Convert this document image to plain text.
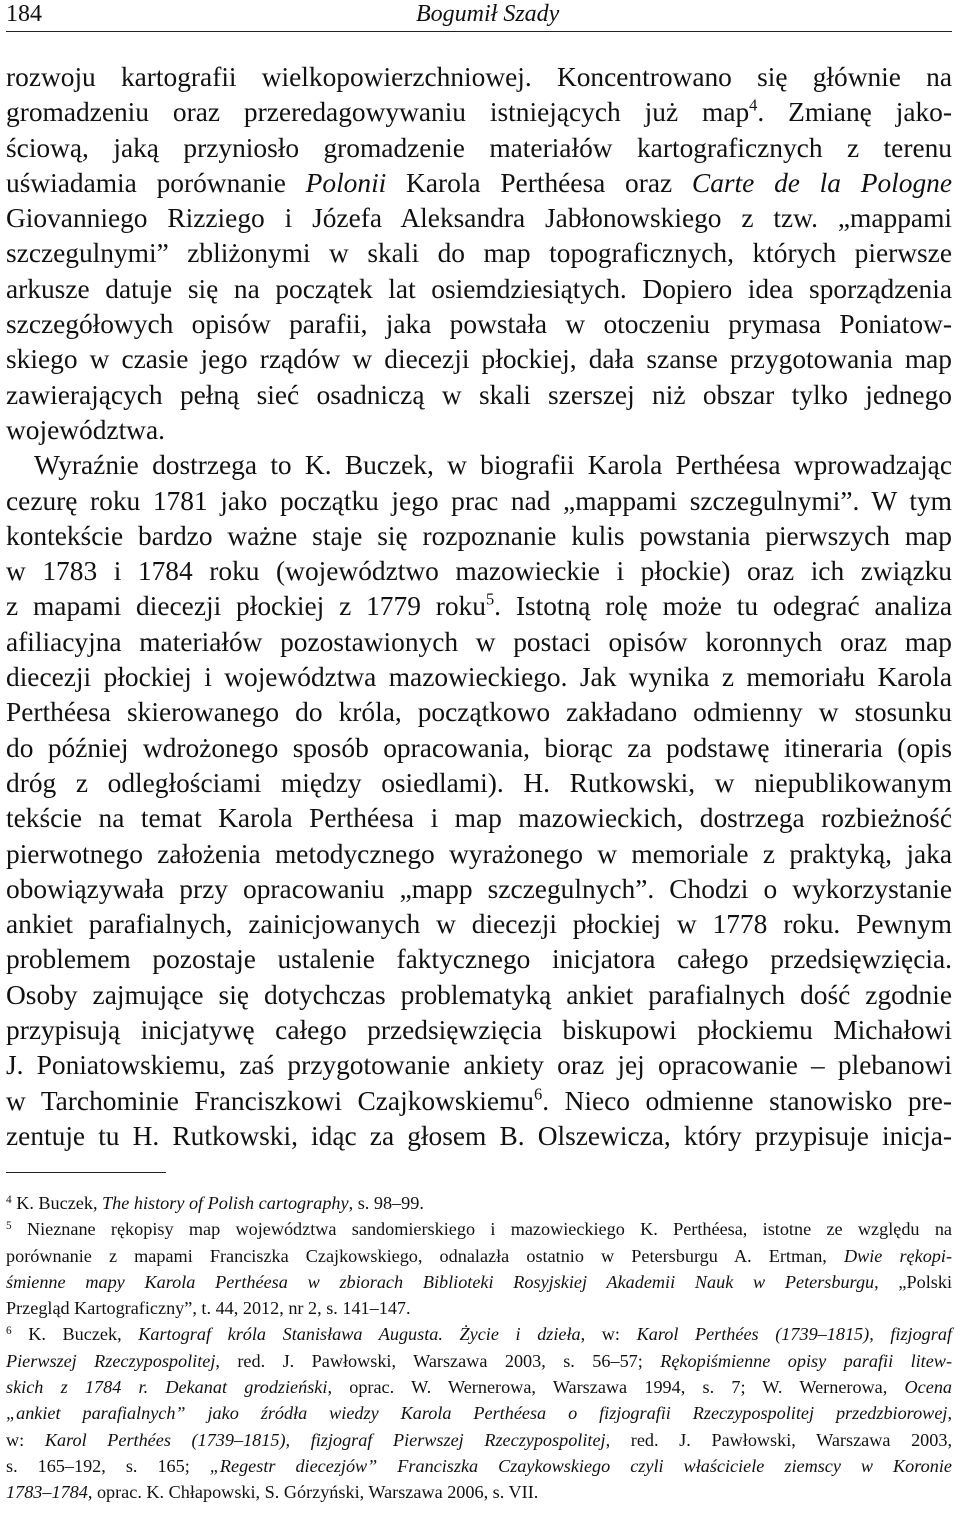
184	Bogumił Szady
rozwoju kartografii wielkopowierzchniowej. Koncentrowano się głównie na
gromadzeniu oraz przeredagowywaniu istniejących już map$^4$. Zmianę jako-
ściową, jaką przyniosło gromadzenie materiałów kartograficznych z terenu
uświadamia porównanie Polonii Karola Perthéesa oraz Carte de la Pologne
Giovanniego Rizziego i Józefa Aleksandra Jabłonowskiego z tzw. „mappami
szczegulnymi” zbliżonymi w skali do map topograficznych, których pierwsze
arkusze datuje się na początek lat osiemdziesiątych. Dopiero idea sporządzenia
szczegółowych opisów parafii, jaka powstała w otoczeniu prymasa Poniatow-
skiego w czasie jego rządów w diecezji płockiej, dała szanse przygotowania map
zawierających pełną sieć osadniczą w skali szerszej niż obszar tylko jednego
województwa.
Wyraźnie dostrzega to K. Buczek, w biografii Karola Perthéesa wprowadzając
cezurę roku 1781 jako początku jego prac nad „mappami szczegulnymi”. W tym
kontekście bardzo ważne staje się rozpoznanie kulis powstania pierwszych map
w 1783 i 1784 roku (województwo mazowieckie i płockie) oraz ich związku
z mapami diecezji płockiej z 1779 roku$^5$. Istotną rolę może tu odegrać analiza
afiliacyjna materiałów pozostawionych w postaci opisów koronnych oraz map
diecezji płockiej i województwa mazowieckiego. Jak wynika z memoriału Karola
Perthéesa skierowanego do króla, początkowo zakładano odmienny w stosunku
do później wdrożonego sposób opracowania, biorąc za podstawę itineraria (opis
dróg z odległościami między osiedlami). H. Rutkowski, w niepublikowanym
tekście na temat Karola Perthéesa i map mazowieckich, dostrzega rozbieżność
pierwotnego założenia metodycznego wyrażonego w memoriale z praktyką, jaka
obowiązywała przy opracowaniu „mapp szczegulnych”. Chodzi o wykorzystanie
ankiet parafialnych, zainicjowanych w diecezji płockiej w 1778 roku. Pewnym
problemem pozostaje ustalenie faktycznego inicjatora całego przedsięwzięcia.
Osoby zajmujące się dotychczas problematyką ankiet parafialnych dość zgodnie
przypisują inicjatywę całego przedsięwzięcia biskupowi płockiemu Michałowi
J. Poniatowskiemu, zaś przygotowanie ankiety oraz jej opracowanie – plebanowi
w Tarchominie Franciszkowi Czajkowskiemu$^6$. Nieco odmienne stanowisko pre-
zentuje tu H. Rutkowski, idąc za głosem B. Olszewicza, który przypisuje inicja-
$^4$ K. Buczek, The history of Polish cartography, s. 98–99.
$^5$ Nieznane rękopisy map województwa sandomierskiego i mazowieckiego K. Perthéesa, istotne ze względu na
porównanie z mapami Franciszka Czajkowskiego, odnalazła ostatnio w Petersburgu A. Ertman, Dwie rękopi-
śmienne mapy Karola Perthéesa w zbiorach Biblioteki Rosyjskiej Akademii Nauk w Petersburgu, „Polski
Przegląd Kartograficzny”, t. 44, 2012, nr 2, s. 141–147.
$^6$ K. Buczek, Kartograf króla Stanisława Augusta. Życie i dzieła, w: Karol Perthées (1739–1815), fizjograf
Pierwszej Rzeczypospolitej, red. J. Pawłowski, Warszawa 2003, s. 56–57; Rękopiśmienne opisy parafii litew-
skich z 1784 r. Dekanat grodzieński, oprac. W. Wernerowa, Warszawa 1994, s. 7; W. Wernerowa, Ocena
„ankiet parafialnych” jako źródła wiedzy Karola Perthéesa o fizjografii Rzeczypospolitej przedzbiorowej,
w: Karol Perthées (1739–1815), fizjograf Pierwszej Rzeczypospolitej, red. J. Pawłowski, Warszawa 2003,
s. 165–192, s. 165; „Regestr diecezjów” Franciszka Czaykowskiego czyli właściciele ziemscy w Koronie
1783–1784, oprac. K. Chłapowski, S. Górzyński, Warszawa 2006, s. VII.
